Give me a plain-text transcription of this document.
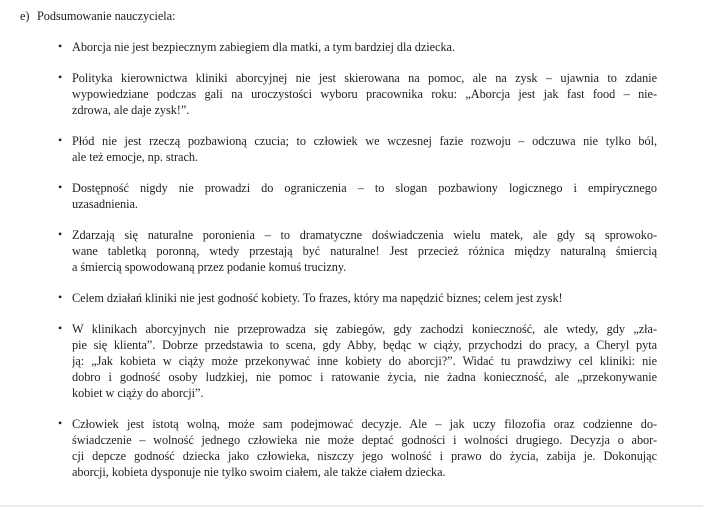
e) Podsumowanie nauczyciela:
• Aborcja nie jest bezpiecznym zabiegiem dla matki, a tym bardziej dla dziecka.
• Polityka kierownictwa kliniki aborcyjnej nie jest skierowana na pomoc, ale na zysk – ujawnia to zdanie
wypowiedziane podczas gali na uroczystości wyboru pracownika roku: „Aborcja jest jak fast food – nie-
zdrowa, ale daje zysk!”.
• Płód nie jest rzeczą pozbawioną czucia; to człowiek we wczesnej fazie rozwoju – odczuwa nie tylko ból,
ale też emocje, np. strach.
• Dostępność nigdy nie prowadzi do ograniczenia – to slogan pozbawiony logicznego i empirycznego
uzasadnienia.
• Zdarzają się naturalne poronienia – to dramatyczne doświadczenia wielu matek, ale gdy są sprowoko-
wane tabletką poronną, wtedy przestają być naturalne! Jest przecież różnica między naturalną śmiercią
a śmiercią spowodowaną przez podanie komuś trucizny.
• Celem działań kliniki nie jest godność kobiety. To frazes, który ma napędzić biznes; celem jest zysk!
• W klinikach aborcyjnych nie przeprowadza się zabiegów, gdy zachodzi konieczność, ale wtedy, gdy „zła-
pie się klienta”. Dobrze przedstawia to scena, gdy Abby, będąc w ciąży, przychodzi do pracy, a Cheryl pyta
ją: „Jak kobieta w ciąży może przekonywać inne kobiety do aborcji?”. Widać tu prawdziwy cel kliniki: nie
dobro i godność osoby ludzkiej, nie pomoc i ratowanie życia, nie żadna konieczność, ale „przekonywanie
kobiet w ciąży do aborcji”.
• Człowiek jest istotą wolną, może sam podejmować decyzje. Ale – jak uczy filozofia oraz codzienne do-
świadczenie – wolność jednego człowieka nie może deptać godności i wolności drugiego. Decyzja o abor-
cji depcze godność dziecka jako człowieka, niszczy jego wolność i prawo do życia, zabija je. Dokonując
aborcji, kobieta dysponuje nie tylko swoim ciałem, ale także ciałem dziecka.
